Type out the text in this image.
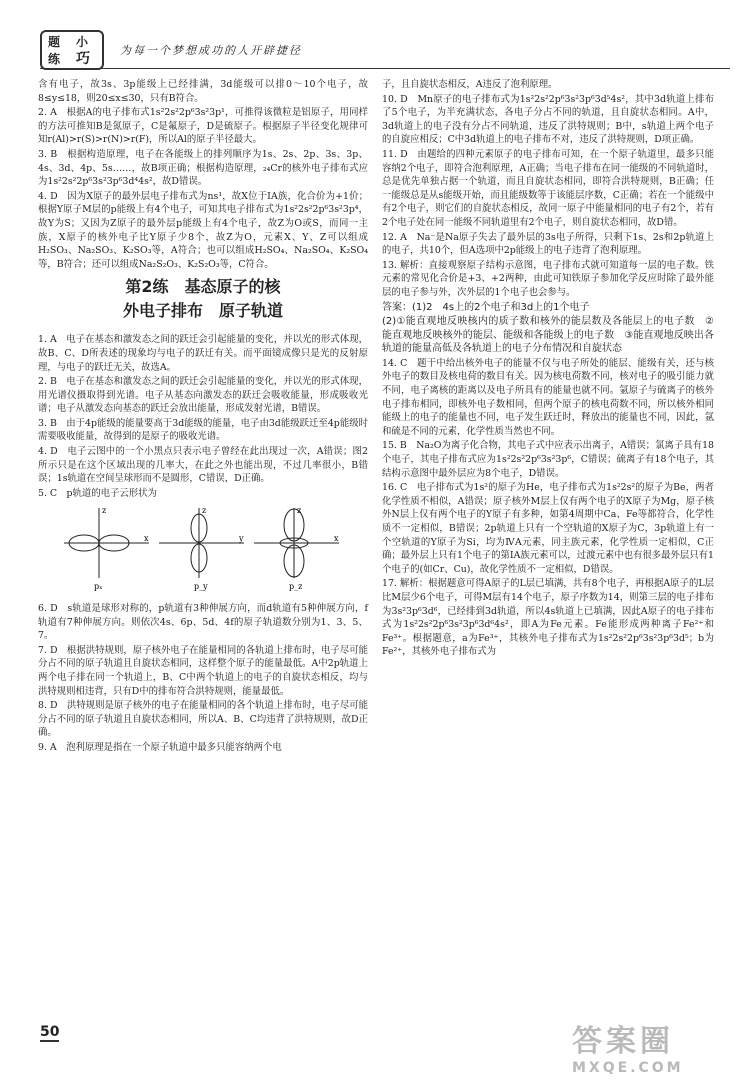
题 小
练 巧
为每一个梦想成功的人开辟捷径

含有电子，故3s、3p能级上已经排满，3d能级可以排0～10个电子，故8≤y≤18，则20≤x≤30，只有B符合。

2. A　根据A的电子排布式1s²2s²2p⁶3s²3p¹，可推得该微粒是铝原子，用同样的方法可推知B是氮原子，C是氟原子，D是硫原子。根据原子半径变化规律可知r(Al)>r(S)>r(N)>r(F)，所以Al的原子半径最大。

3. B　根据构造原理，电子在各能级上的排列顺序为1s、2s、2p、3s、3p、4s、3d、4p、5s……，故B项正确；根据构造原理，₂₄Cr的核外电子排布式应为1s²2s²2p⁶3s²3p⁶3d⁴4s²，故D错误。

4. D　因为X原子的最外层电子排布式为ns¹，故X位于ⅠA族，化合价为+1价；根据Y原子M层的p能级上有4个电子，可知其电子排布式为1s²2s²2p⁶3s²3p⁴，故Y为S；又因为Z原子的最外层p能级上有4个电子，故Z为O或S，而同一主族，X原子的核外电子比Y原子少8个，故Z为O，元素X、Y、Z可以组成H₂SO₃、Na₂SO₃、K₂SO₃等，A符合；也可以组成H₂SO₄、Na₂SO₄、K₂SO₄等，B符合；还可以组成Na₂S₂O₃、K₂S₂O₃等，C符合。

第2练　基态原子的核
外电子排布　原子轨道

1. A　电子在基态和激发态之间的跃迁会引起能量的变化，并以光的形式体现，故B、C、D所表述的现象均与电子的跃迁有关。而平面镜成像只是光的反射原理，与电子的跃迁无关，故选A。

2. B　电子在基态和激发态之间的跃迁会引起能量的变化，并以光的形式体现，用光谱仪摄取得到光谱。电子从基态向激发态的跃迁会吸收能量，形成吸收光谱；电子从激发态向基态的跃迁会放出能量，形成发射光谱，B错误。

3. B　由于4p能级的能量要高于3d能级的能量，电子由3d能级跃迁至4p能级时需要吸收能量，故得到的是原子的吸收光谱。

4. D　电子云图中的一个小黑点只表示电子曾经在此出现过一次，A错误；图2所示只是在这个区域出现的几率大，在此之外也能出现，不过几率很小，B错误；1s轨道在空间呈球形而不是圆形，C错误，D正确。

5. C　p轨道的电子云形状为

pₓ	p_y	p_z
z
x
z
y
z
x

6. D　s轨道是球形对称的，p轨道有3种伸展方向，而d轨道有5种伸展方向，f轨道有7种伸展方向。则依次4s、6p、5d、4f的原子轨道数分别为1、3、5、7。

7. D　根据洪特规则，原子核外电子在能量相同的各轨道上排布时，电子尽可能分占不同的原子轨道且自旋状态相同，这样整个原子的能量最低。A中2p轨道上两个电子排在同一个轨道上，B、C中两个轨道上的电子的自旋状态相反，均与洪特规则相违背，只有D中的排布符合洪特规则，能量最低。

8. D　洪特规则是原子核外的电子在能量相同的各个轨道上排布时，电子尽可能分占不同的原子轨道且自旋状态相同，所以A、B、C均违背了洪特规则，故D正确。

9. A　泡利原理是指在一个原子轨道中最多只能容纳两个电

子，且自旋状态相反，A违反了泡利原理。

10. D　Mn原子的电子排布式为1s²2s²2p⁶3s²3p⁶3d⁵4s²，其中3d轨道上排布了5个电子，为半充满状态，各电子分占不同的轨道，且自旋状态相同。A中，3d轨道上的电子没有分占不同轨道，违反了洪特规则；B中，s轨道上两个电子的自旋应相反；C中3d轨道上的电子排布不对，违反了洪特规则，D项正确。

11. D　由题给的四种元素原子的电子排布可知，在一个原子轨道里，最多只能容纳2个电子，即符合泡利原理，A正确；当电子排布在同一能级的不同轨道时，总是优先单独占据一个轨道，而且自旋状态相同，即符合洪特规则，B正确；任一能级总是从s能级开始，而且能级数等于该能层序数，C正确；若在一个能级中有2个电子，则它们的自旋状态相反，故同一原子中能量相同的电子有2个，若有2个电子处在同一能级不同轨道里有2个电子，则自旋状态相同，故D错。

12. A　Na⁻是Na原子失去了最外层的3s电子所得，只剩下1s、2s和2p轨道上的电子，共10个，但A选项中2p能级上的电子违背了泡利原理。

13. 解析：直接观察原子结构示意图，电子排布式就可知道每一层的电子数。铁元素的常见化合价是+3、+2两种，由此可知铁原子参加化学反应时除了最外能层的电子参与外，次外层的1个电子也会参与。

答案：(1)2　4s上的2个电子和3d上的1个电子

(2)①能直观地反映核内的质子数和核外的能层数及各能层上的电子数　②能直观地反映核外的能层、能级和各能级上的电子数　③能直观地反映出各轨道的能量高低及各轨道上的电子分布情况和自旋状态

14. C　题干中给出核外电子的能量不仅与电子所处的能层、能级有关，还与核外电子的数目及核电荷的数目有关。因为核电荷数不同，核对电子的吸引能力就不同，电子离核的距离以及电子所具有的能量也就不同。氩原子与硫离子的核外电子排布相同，即核外电子数相同，但两个原子的核电荷数不同，所以核外相同能级上的电子的能量也不同，电子发生跃迁时，释放出的能量也不同，因此，氩和硫是不同的元素，化学性质当然也不同。

15. B　Na₂O为离子化合物，其电子式中应表示出离子，A错误；氯离子具有18个电子，其电子排布式应为1s²2s²2p⁶3s²3p⁶，C错误；硫离子有18个电子，其结构示意图中最外层应为8个电子，D错误。

16. C　电子排布式为1s²的原子为He，电子排布式为1s²2s²的原子为Be，两者化学性质不相似，A错误；原子核外M层上仅有两个电子的X原子为Mg，原子核外N层上仅有两个电子的Y原子有多种，如第4周期中Ca、Fe等都符合，化学性质不一定相似，B错误；2p轨道上只有一个空轨道的X原子为C，3p轨道上有一个空轨道的Y原子为Si，均为ⅣA元素，同主族元素，化学性质一定相似，C正确；最外层上只有1个电子的第ⅠA族元素可以，过渡元素中也有很多最外层只有1个电子的(如Cr、Cu)，故化学性质不一定相似，D错误。

17. 解析：根据题意可得A原子的L层已填满，共有8个电子，再根据A原子的L层比M层少6个电子，可得M层有14个电子，原子序数为14，则第三层的电子排布为3s²3p⁶3d⁶，已经排到3d轨道，所以4s轨道上已填满，因此A原子的电子排布式为1s²2s²2p⁶3s²3p⁶3d⁶4s²，即A为Fe元素。Fe能形成两种离子Fe²⁺和Fe³⁺。根据题意，a为Fe³⁺，其核外电子排布式为1s²2s²2p⁶3s²3p⁶3d⁵；b为Fe²⁺，其核外电子排布式为

50	答案圈
MXQE.COM
